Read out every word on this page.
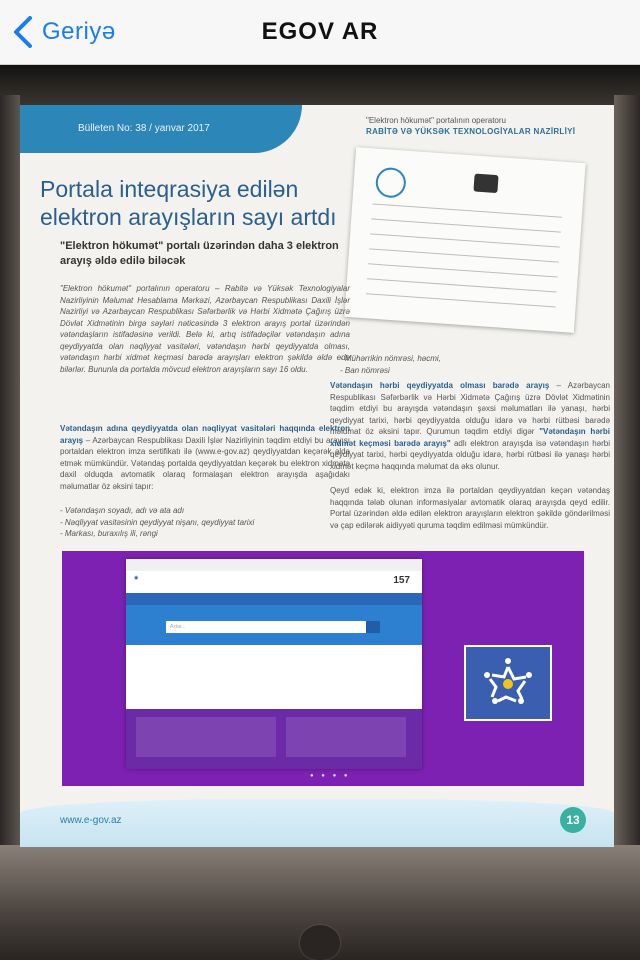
Geriyə	EGOV AR
Bülleten No: 38 / yanvar 2017
"Elektron hökumət" portalının operatoru
RABİTƏ VƏ YÜKSƏK TEXNOLOGİYALAR NAZİRLİYİ
Portala inteqrasiya edilən elektron arayışların sayı artdı
"Elektron hökumət" portalı üzərindən daha 3 elektron arayış əldə edilə biləcək
"Elektron hökumət" portalının operatoru – Rabitə və Yüksək Texnologiyalar Nazirliyinin Məlumat Hesablama Mərkəzi, Azərbaycan Respublikası Daxili İşlər Nazirliyi və Azərbaycan Respublikası Səfərbərlik və Hərbi Xidmətə Çağırış üzrə Dövlət Xidmətinin birgə səyləri nəticəsində 3 elektron arayış portal üzərindən vətəndaşların istifadəsinə verildi. Belə ki, artıq istifadəçilər vətəndaşın adına qeydiyyatda olan nəqliyyat vasitələri, vətəndaşın hərbi qeydiyyatda olması, vətəndaşın hərbi xidmət keçməsi barədə arayışları elektron şəkildə əldə edə bilərlər. Bununla da portalda mövcud elektron arayışların sayı 16 oldu.
Vətəndaşın adına qeydiyyatda olan nəqliyyat vasitələri haqqında elektron arayış – Azərbaycan Respublikası Daxili İşlər Nazirliyinin təqdim etdiyi bu arayışı portaldan elektron imza sertifikatı ilə (www.e-gov.az) qeydiyyatdan keçərək əldə etmək mümkündür. Vətəndaş portalda qeydiyyatdan keçərək bu elektron xidmətə daxil olduqda avtomatik olaraq formalaşan elektron arayışda aşağıdakı məlumatlar öz əksini tapır:
- Vətəndaşın soyadı, adı və ata adı
- Nəqliyyat vasitəsinin qeydiyyat nişanı, qeydiyyat tarixi
- Markası, buraxılış ili, rəngi
- Mühərrikin nömrəsi, həcmi,
- Ban nömrəsi
Vətəndaşın hərbi qeydiyyatda olması barədə arayış – Azərbaycan Respublikası Səfərbərlik və Hərbi Xidmətə Çağırış üzrə Dövlət Xidmətinin təqdim etdiyi bu arayışda vətəndaşın şəxsi məlumatları ilə yanaşı, hərbi qeydiyyat tarixi, hərbi qeydiyyatda olduğu idarə və hərbi rütbəsi barədə məlumat öz əksini tapır. Qurumun təqdim etdiyi digər "Vətəndaşın hərbi xidmət keçməsi barədə arayış" adlı elektron arayışda isə vətəndaşın hərbi qeydiyyat tarixi, hərbi qeydiyyatda olduğu idarə, hərbi rütbəsi ilə yanaşı hərbi xidmət keçmə haqqında məlumat da əks olunur.
Qeyd edək ki, elektron imza ilə portaldan qeydiyyatdan keçən vətəndaş haqqında tələb olunan informasiyalar avtomatik olaraq arayışda qeyd edilir. Portal üzərindən əldə edilən elektron arayışların elektron şəkildə göndərilməsi və çap edilərək aidiyyəti quruma təqdim edilməsi mümkündür.
◉	157
Axtar...
● ● ● ●
www.e-gov.az	13
